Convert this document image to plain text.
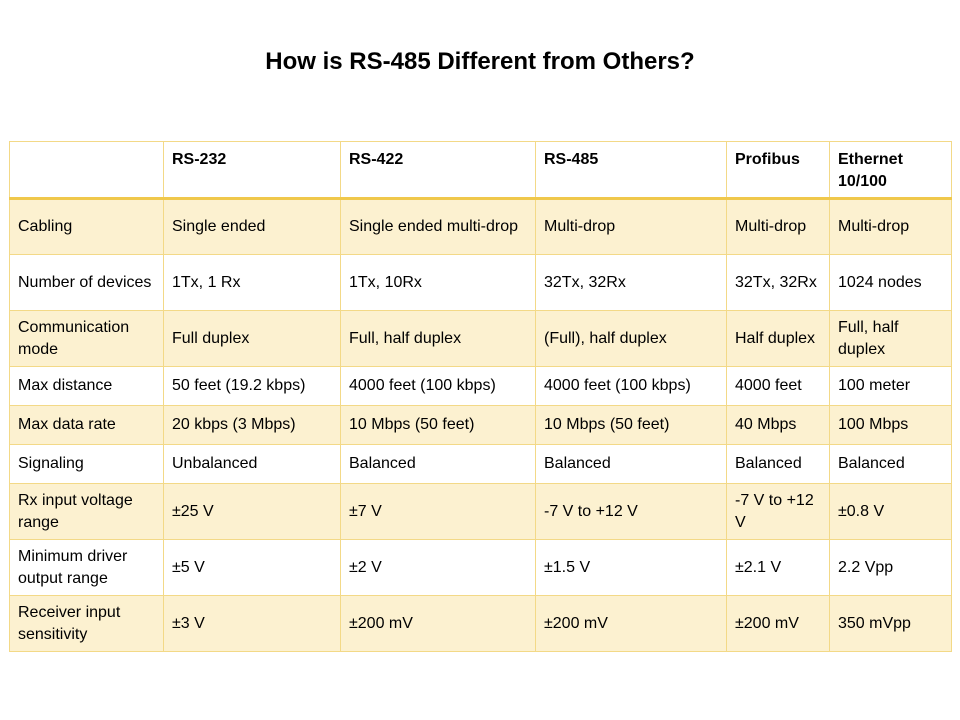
How is RS-485 Different from Others?
	RS-232	RS-422	RS-485	Profibus	Ethernet 10/100
Cabling	Single ended	Single ended multi-drop	Multi-drop	Multi-drop	Multi-drop
Number of devices	1Tx, 1 Rx	1Tx, 10Rx	32Tx, 32Rx	32Tx, 32Rx	1024 nodes
Communication mode	Full duplex	Full, half duplex	(Full), half duplex	Half duplex	Full, half duplex
Max distance	50 feet (19.2 kbps)	4000 feet (100 kbps)	4000 feet (100 kbps)	4000 feet	100 meter
Max data rate	20 kbps (3 Mbps)	10 Mbps (50 feet)	10 Mbps (50 feet)	40 Mbps	100 Mbps
Signaling	Unbalanced	Balanced	Balanced	Balanced	Balanced
Rx input voltage range	±25 V	±7 V	-7 V to +12 V	-7 V to +12 V	±0.8 V
Minimum driver output range	±5 V	±2 V	±1.5 V	±2.1 V	2.2 Vpp
Receiver input sensitivity	±3 V	±200 mV	±200 mV	±200 mV	350 mVpp
